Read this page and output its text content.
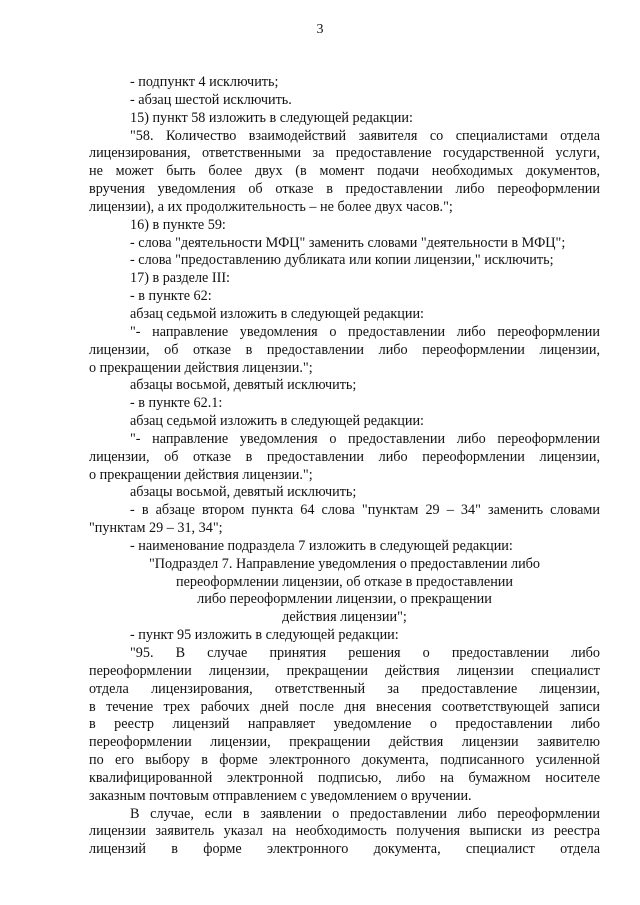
3
- подпункт 4 исключить;
- абзац шестой исключить.
15) пункт 58 изложить в следующей редакции:
"58. Количество взаимодействий заявителя со специалистами отдела
лицензирования, ответственными за предоставление государственной услуги,
не может быть более двух (в момент подачи необходимых документов,
вручения уведомления об отказе в предоставлении либо переоформлении
лицензии), а их продолжительность – не более двух часов.";
16) в пункте 59:
- слова "деятельности МФЦ" заменить словами "деятельности в МФЦ";
- слова "предоставлению дубликата или копии лицензии," исключить;
17) в разделе III:
- в пункте 62:
абзац седьмой изложить в следующей редакции:
"- направление уведомления о предоставлении либо переоформлении
лицензии, об отказе в предоставлении либо переоформлении лицензии,
о прекращении действия лицензии.";
абзацы восьмой, девятый исключить;
- в пункте 62.1:
абзац седьмой изложить в следующей редакции:
"- направление уведомления о предоставлении либо переоформлении
лицензии, об отказе в предоставлении либо переоформлении лицензии,
о прекращении действия лицензии.";
абзацы восьмой, девятый исключить;
- в абзаце втором пункта 64 слова "пунктам 29 – 34" заменить словами
"пунктам 29 – 31, 34";
- наименование подраздела 7 изложить в следующей редакции:
"Подраздел 7. Направление уведомления о предоставлении либо
переоформлении лицензии, об отказе в предоставлении
либо переоформлении лицензии, о прекращении
действия лицензии";
- пункт 95 изложить в следующей редакции:
"95. В случае принятия решения о предоставлении либо
переоформлении лицензии, прекращении действия лицензии специалист
отдела лицензирования, ответственный за предоставление лицензии,
в течение трех рабочих дней после дня внесения соответствующей записи
в реестр лицензий направляет уведомление о предоставлении либо
переоформлении лицензии, прекращении действия лицензии заявителю
по его выбору в форме электронного документа, подписанного усиленной
квалифицированной электронной подписью, либо на бумажном носителе
заказным почтовым отправлением с уведомлением о вручении.
В случае, если в заявлении о предоставлении либо переоформлении
лицензии заявитель указал на необходимость получения выписки из реестра
лицензий в форме электронного документа, специалист отдела
